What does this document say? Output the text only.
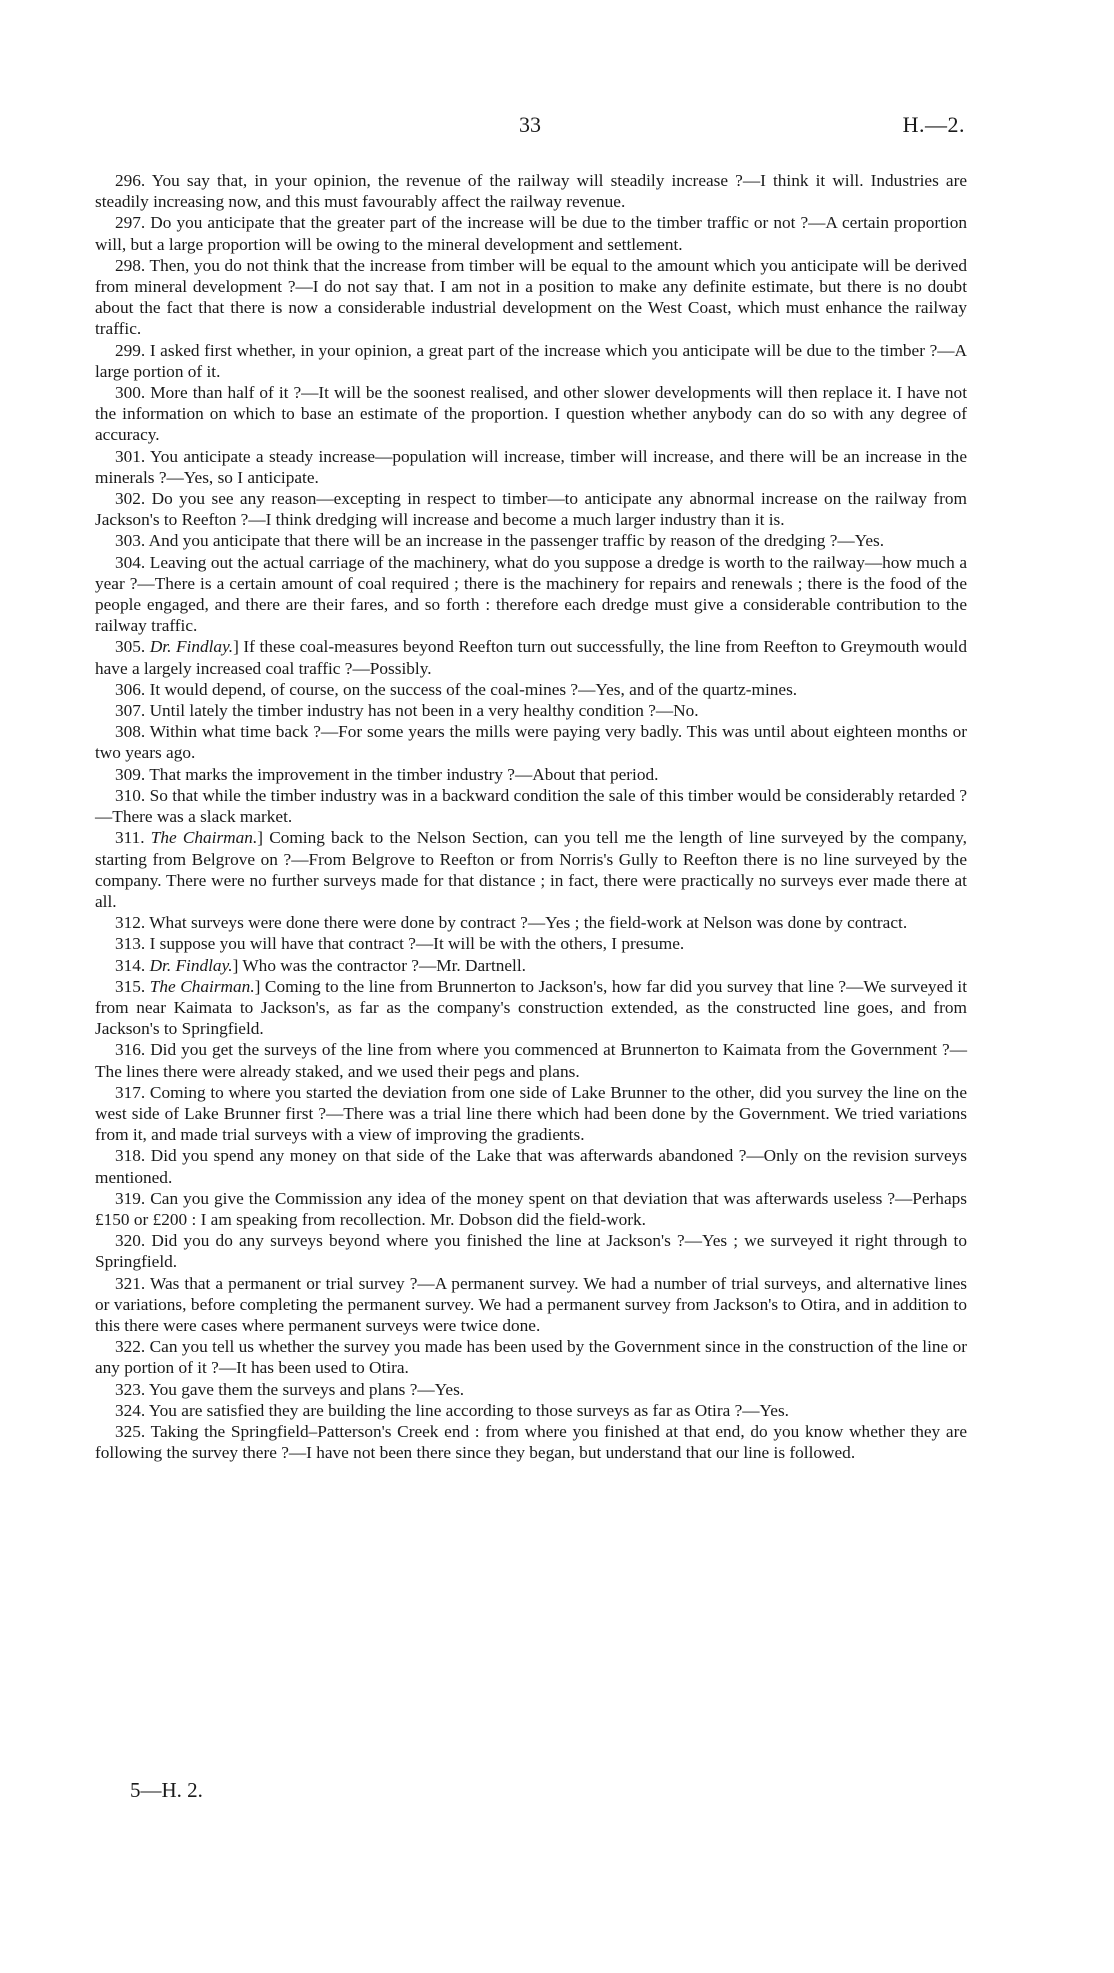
33	H.—2.

296. You say that, in your opinion, the revenue of the railway will steadily increase ?—I think it will. Industries are steadily increasing now, and this must favourably affect the railway revenue.

297. Do you anticipate that the greater part of the increase will be due to the timber traffic or not ?—A certain proportion will, but a large proportion will be owing to the mineral development and settlement.

298. Then, you do not think that the increase from timber will be equal to the amount which you anticipate will be derived from mineral development ?—I do not say that. I am not in a position to make any definite estimate, but there is no doubt about the fact that there is now a considerable industrial development on the West Coast, which must enhance the railway traffic.

299. I asked first whether, in your opinion, a great part of the increase which you anticipate will be due to the timber ?—A large portion of it.

300. More than half of it ?—It will be the soonest realised, and other slower developments will then replace it. I have not the information on which to base an estimate of the proportion. I question whether anybody can do so with any degree of accuracy.

301. You anticipate a steady increase—population will increase, timber will increase, and there will be an increase in the minerals ?—Yes, so I anticipate.

302. Do you see any reason—excepting in respect to timber—to anticipate any abnormal increase on the railway from Jackson's to Reefton ?—I think dredging will increase and become a much larger industry than it is.

303. And you anticipate that there will be an increase in the passenger traffic by reason of the dredging ?—Yes.

304. Leaving out the actual carriage of the machinery, what do you suppose a dredge is worth to the railway—how much a year ?—There is a certain amount of coal required ; there is the machinery for repairs and renewals ; there is the food of the people engaged, and there are their fares, and so forth : therefore each dredge must give a considerable contribution to the railway traffic.

305. Dr. Findlay.] If these coal-measures beyond Reefton turn out successfully, the line from Reefton to Greymouth would have a largely increased coal traffic ?—Possibly.

306. It would depend, of course, on the success of the coal-mines ?—Yes, and of the quartz-mines.

307. Until lately the timber industry has not been in a very healthy condition ?—No.

308. Within what time back ?—For some years the mills were paying very badly. This was until about eighteen months or two years ago.

309. That marks the improvement in the timber industry ?—About that period.

310. So that while the timber industry was in a backward condition the sale of this timber would be considerably retarded ?—There was a slack market.

311. The Chairman.] Coming back to the Nelson Section, can you tell me the length of line surveyed by the company, starting from Belgrove on ?—From Belgrove to Reefton or from Norris's Gully to Reefton there is no line surveyed by the company. There were no further surveys made for that distance ; in fact, there were practically no surveys ever made there at all.

312. What surveys were done there were done by contract ?—Yes ; the field-work at Nelson was done by contract.

313. I suppose you will have that contract ?—It will be with the others, I presume.

314. Dr. Findlay.] Who was the contractor ?—Mr. Dartnell.

315. The Chairman.] Coming to the line from Brunnerton to Jackson's, how far did you survey that line ?—We surveyed it from near Kaimata to Jackson's, as far as the company's construction extended, as the constructed line goes, and from Jackson's to Springfield.

316. Did you get the surveys of the line from where you commenced at Brunnerton to Kaimata from the Government ?—The lines there were already staked, and we used their pegs and plans.

317. Coming to where you started the deviation from one side of Lake Brunner to the other, did you survey the line on the west side of Lake Brunner first ?—There was a trial line there which had been done by the Government. We tried variations from it, and made trial surveys with a view of improving the gradients.

318. Did you spend any money on that side of the Lake that was afterwards abandoned ?—Only on the revision surveys mentioned.

319. Can you give the Commission any idea of the money spent on that deviation that was afterwards useless ?—Perhaps £150 or £200 : I am speaking from recollection. Mr. Dobson did the field-work.

320. Did you do any surveys beyond where you finished the line at Jackson's ?—Yes ; we surveyed it right through to Springfield.

321. Was that a permanent or trial survey ?—A permanent survey. We had a number of trial surveys, and alternative lines or variations, before completing the permanent survey. We had a permanent survey from Jackson's to Otira, and in addition to this there were cases where permanent surveys were twice done.

322. Can you tell us whether the survey you made has been used by the Government since in the construction of the line or any portion of it ?—It has been used to Otira.

323. You gave them the surveys and plans ?—Yes.

324. You are satisfied they are building the line according to those surveys as far as Otira ?—Yes.

325. Taking the Springfield–Patterson's Creek end : from where you finished at that end, do you know whether they are following the survey there ?—I have not been there since they began, but understand that our line is followed.

5—H. 2.
